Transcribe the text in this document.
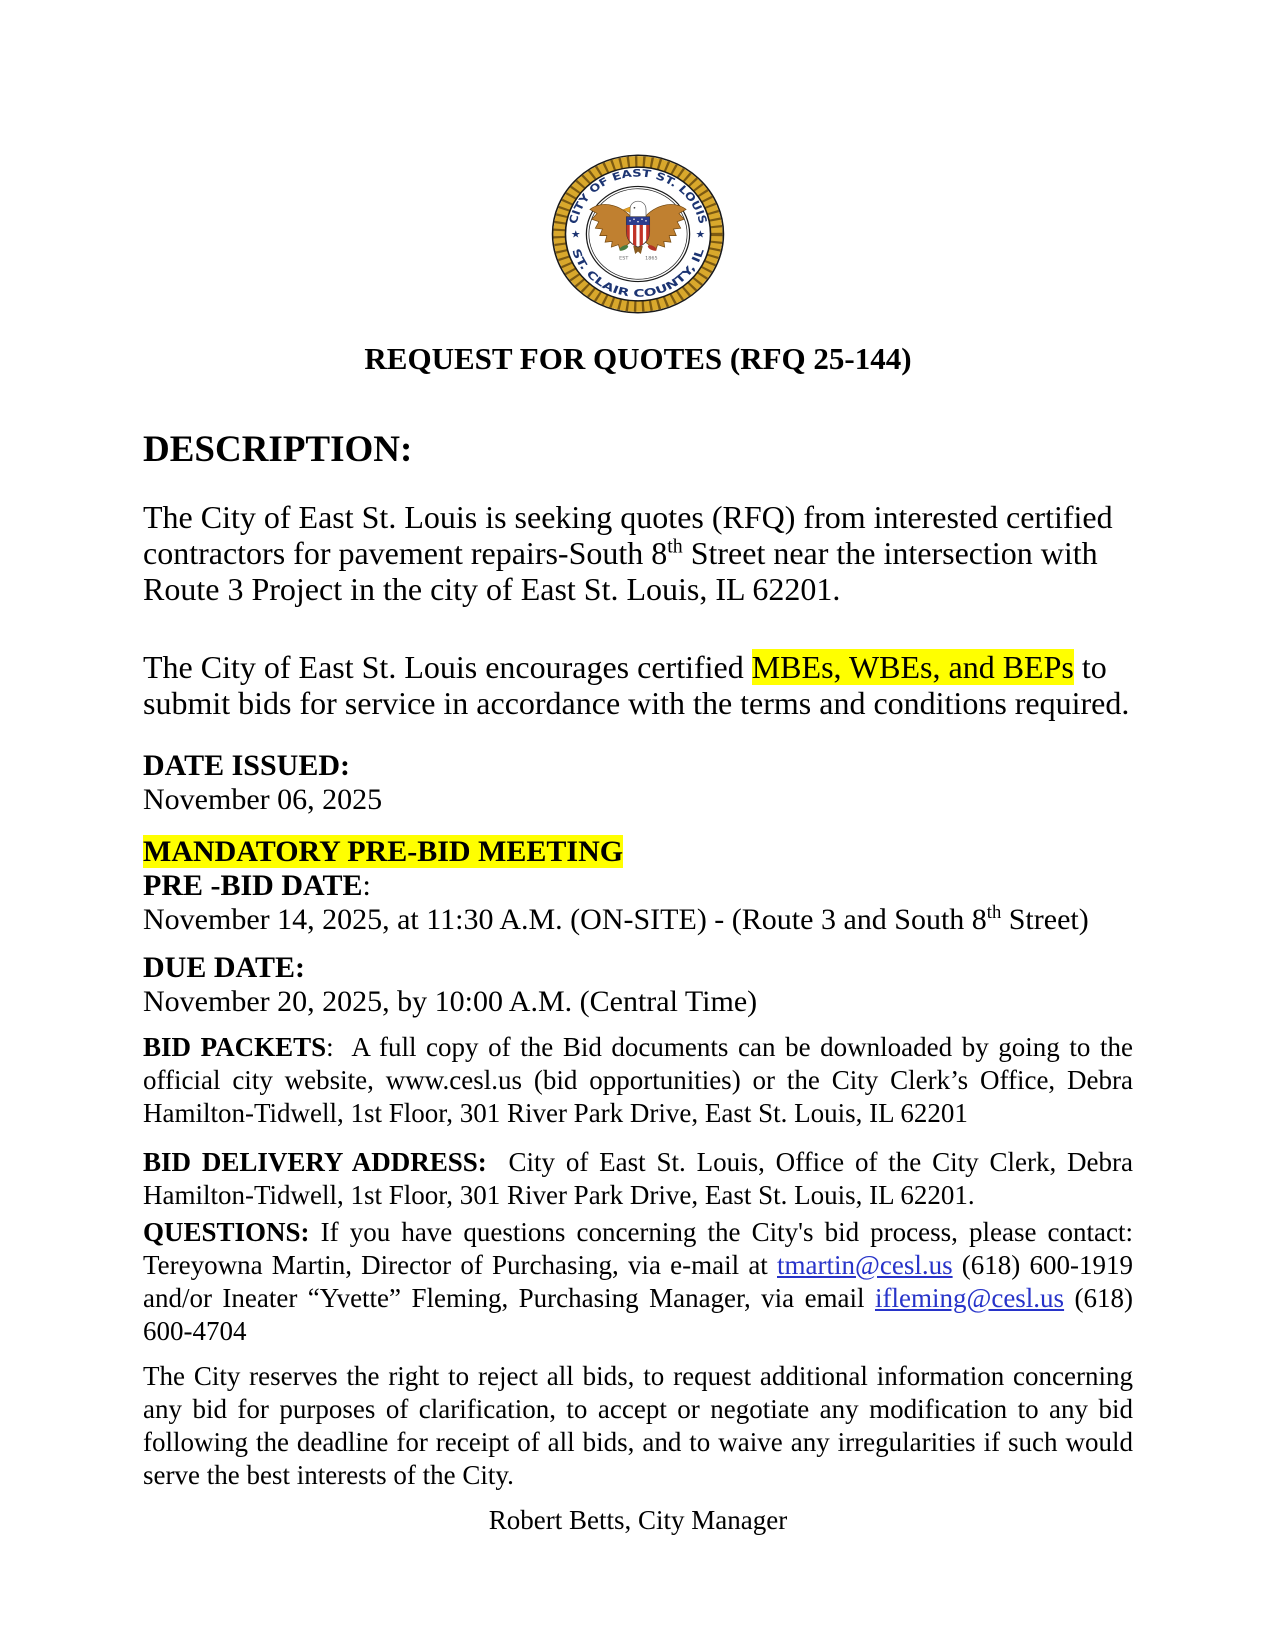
CITY OF EAST ST. LOUIS
ST. CLAIR COUNTY, IL
★	★
EST	1865
REQUEST FOR QUOTES (RFQ 25-144)
DESCRIPTION:

The City of East St. Louis is seeking quotes (RFQ) from interested certified contractors for pavement repairs-South 8th Street near the intersection with Route 3 Project in the city of East St. Louis, IL 62201.

The City of East St. Louis encourages certified MBEs, WBEs, and BEPs to submit bids for service in accordance with the terms and conditions required.

DATE ISSUED:
November 06, 2025
MANDATORY PRE-BID MEETING
PRE -BID DATE:
November 14, 2025, at 11:30 A.M. (ON-SITE) - (Route 3 and South 8th Street)
DUE DATE:
November 20, 2025, by 10:00 A.M. (Central Time)

BID PACKETS:  A full copy of the Bid documents can be downloaded by going to the official city website, www.cesl.us (bid opportunities) or the City Clerk’s Office, Debra Hamilton-Tidwell, 1st Floor, 301 River Park Drive, East St. Louis, IL 62201

BID DELIVERY ADDRESS:  City of East St. Louis, Office of the City Clerk, Debra Hamilton-Tidwell, 1st Floor, 301 River Park Drive, East St. Louis, IL 62201.

QUESTIONS: If you have questions concerning the City's bid process, please contact: Tereyowna Martin, Director of Purchasing, via e-mail at tmartin@cesl.us (618) 600-1919 and/or Ineater “Yvette” Fleming, Purchasing Manager, via email ifleming@cesl.us (618) 600-4704

The City reserves the right to reject all bids, to request additional information concerning any bid for purposes of clarification, to accept or negotiate any modification to any bid following the deadline for receipt of all bids, and to waive any irregularities if such would serve the best interests of the City.

Robert Betts, City Manager
